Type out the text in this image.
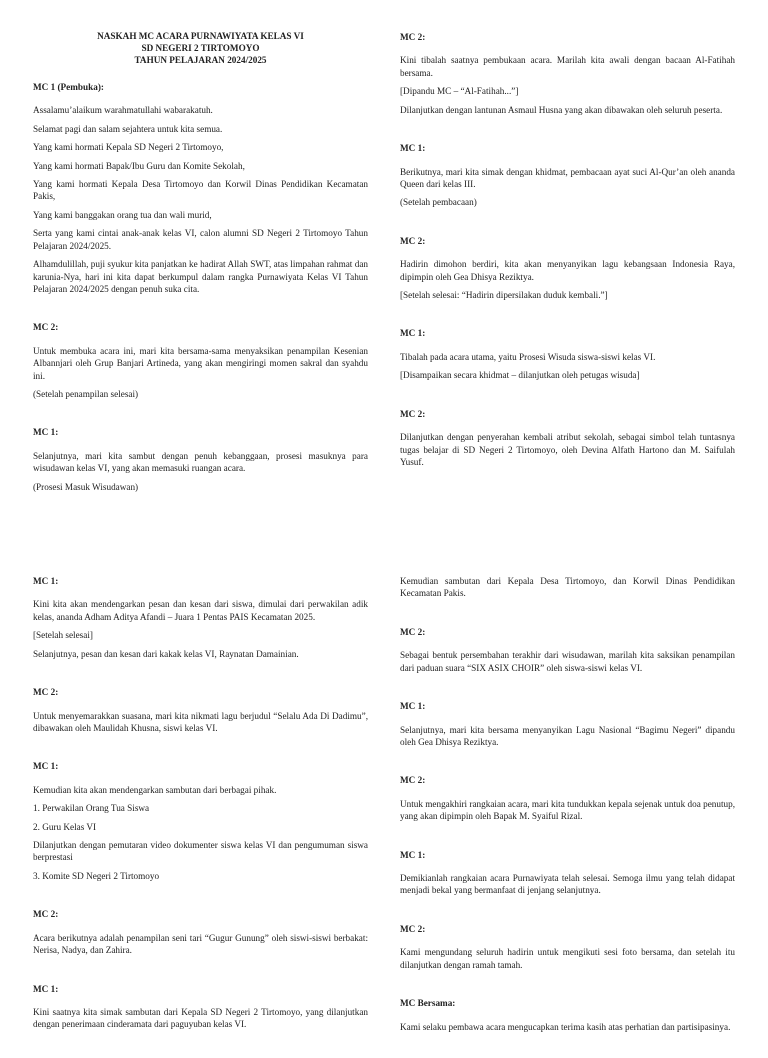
NASKAH MC ACARA PURNAWIYATA KELAS VI
SD NEGERI 2 TIRTOMOYO
TAHUN PELAJARAN 2024/2025
MC 1 (Pembuka):

Assalamu’alaikum warahmatullahi wabarakatuh.

Selamat pagi dan salam sejahtera untuk kita semua.

Yang kami hormati Kepala SD Negeri 2 Tirtomoyo,

Yang kami hormati Bapak/Ibu Guru dan Komite Sekolah,

Yang kami hormati Kepala Desa Tirtomoyo dan Korwil Dinas Pendidikan Kecamatan Pakis,

Yang kami banggakan orang tua dan wali murid,

Serta yang kami cintai anak-anak kelas VI, calon alumni SD Negeri 2 Tirtomoyo Tahun Pelajaran 2024/2025.

Alhamdulillah, puji syukur kita panjatkan ke hadirat Allah SWT, atas limpahan rahmat dan karunia-Nya, hari ini kita dapat berkumpul dalam rangka Purnawiyata Kelas VI Tahun Pelajaran 2024/2025 dengan penuh suka cita.

MC 2:

Untuk membuka acara ini, mari kita bersama-sama menyaksikan penampilan Kesenian Albannjari oleh Grup Banjari Artineda, yang akan mengiringi momen sakral dan syahdu ini.

(Setelah penampilan selesai)

MC 1:

Selanjutnya, mari kita sambut dengan penuh kebanggaan, prosesi masuknya para wisudawan kelas VI, yang akan memasuki ruangan acara.

(Prosesi Masuk Wisudawan)

MC 2:

Kini tibalah saatnya pembukaan acara. Marilah kita awali dengan bacaan Al-Fatihah bersama.

[Dipandu MC – “Al-Fatihah...”]

Dilanjutkan dengan lantunan Asmaul Husna yang akan dibawakan oleh seluruh peserta.

MC 1:

Berikutnya, mari kita simak dengan khidmat, pembacaan ayat suci Al-Qur’an oleh ananda Queen dari kelas III.

(Setelah pembacaan)

MC 2:

Hadirin dimohon berdiri, kita akan menyanyikan lagu kebangsaan Indonesia Raya, dipimpin oleh Gea Dhisya Reziktya.

[Setelah selesai: “Hadirin dipersilakan duduk kembali.”]

MC 1:

Tibalah pada acara utama, yaitu Prosesi Wisuda siswa-siswi kelas VI.

[Disampaikan secara khidmat – dilanjutkan oleh petugas wisuda]

MC 2:

Dilanjutkan dengan penyerahan kembali atribut sekolah, sebagai simbol telah tuntasnya tugas belajar di SD Negeri 2 Tirtomoyo, oleh Devina Alfath Hartono dan M. Saifulah Yusuf.

MC 1:

Kini kita akan mendengarkan pesan dan kesan dari siswa, dimulai dari perwakilan adik kelas, ananda Adham Aditya Afandi – Juara 1 Pentas PAIS Kecamatan 2025.

[Setelah selesai]

Selanjutnya, pesan dan kesan dari kakak kelas VI, Raynatan Damainian.

MC 2:

Untuk menyemarakkan suasana, mari kita nikmati lagu berjudul “Selalu Ada Di Dadimu”, dibawakan oleh Maulidah Khusna, siswi kelas VI.

MC 1:

Kemudian kita akan mendengarkan sambutan dari berbagai pihak.

1. Perwakilan Orang Tua Siswa

2. Guru Kelas VI

Dilanjutkan dengan pemutaran video dokumenter siswa kelas VI dan pengumuman siswa berprestasi

3. Komite SD Negeri 2 Tirtomoyo

MC 2:

Acara berikutnya adalah penampilan seni tari “Gugur Gunung” oleh siswi-siswi berbakat: Nerisa, Nadya, dan Zahira.

MC 1:

Kini saatnya kita simak sambutan dari Kepala SD Negeri 2 Tirtomoyo, yang dilanjutkan dengan penerimaan cinderamata dari paguyuban kelas VI.

Kemudian sambutan dari Kepala Desa Tirtomoyo, dan Korwil Dinas Pendidikan Kecamatan Pakis.

MC 2:

Sebagai bentuk persembahan terakhir dari wisudawan, marilah kita saksikan penampilan dari paduan suara “SIX ASIX CHOIR” oleh siswa-siswi kelas VI.

MC 1:

Selanjutnya, mari kita bersama menyanyikan Lagu Nasional “Bagimu Negeri” dipandu oleh Gea Dhisya Reziktya.

MC 2:

Untuk mengakhiri rangkaian acara, mari kita tundukkan kepala sejenak untuk doa penutup, yang akan dipimpin oleh Bapak M. Syaiful Rizal.

MC 1:

Demikianlah rangkaian acara Purnawiyata telah selesai. Semoga ilmu yang telah didapat menjadi bekal yang bermanfaat di jenjang selanjutnya.

MC 2:

Kami mengundang seluruh hadirin untuk mengikuti sesi foto bersama, dan setelah itu dilanjutkan dengan ramah tamah.

MC Bersama:

Kami selaku pembawa acara mengucapkan terima kasih atas perhatian dan partisipasinya.
